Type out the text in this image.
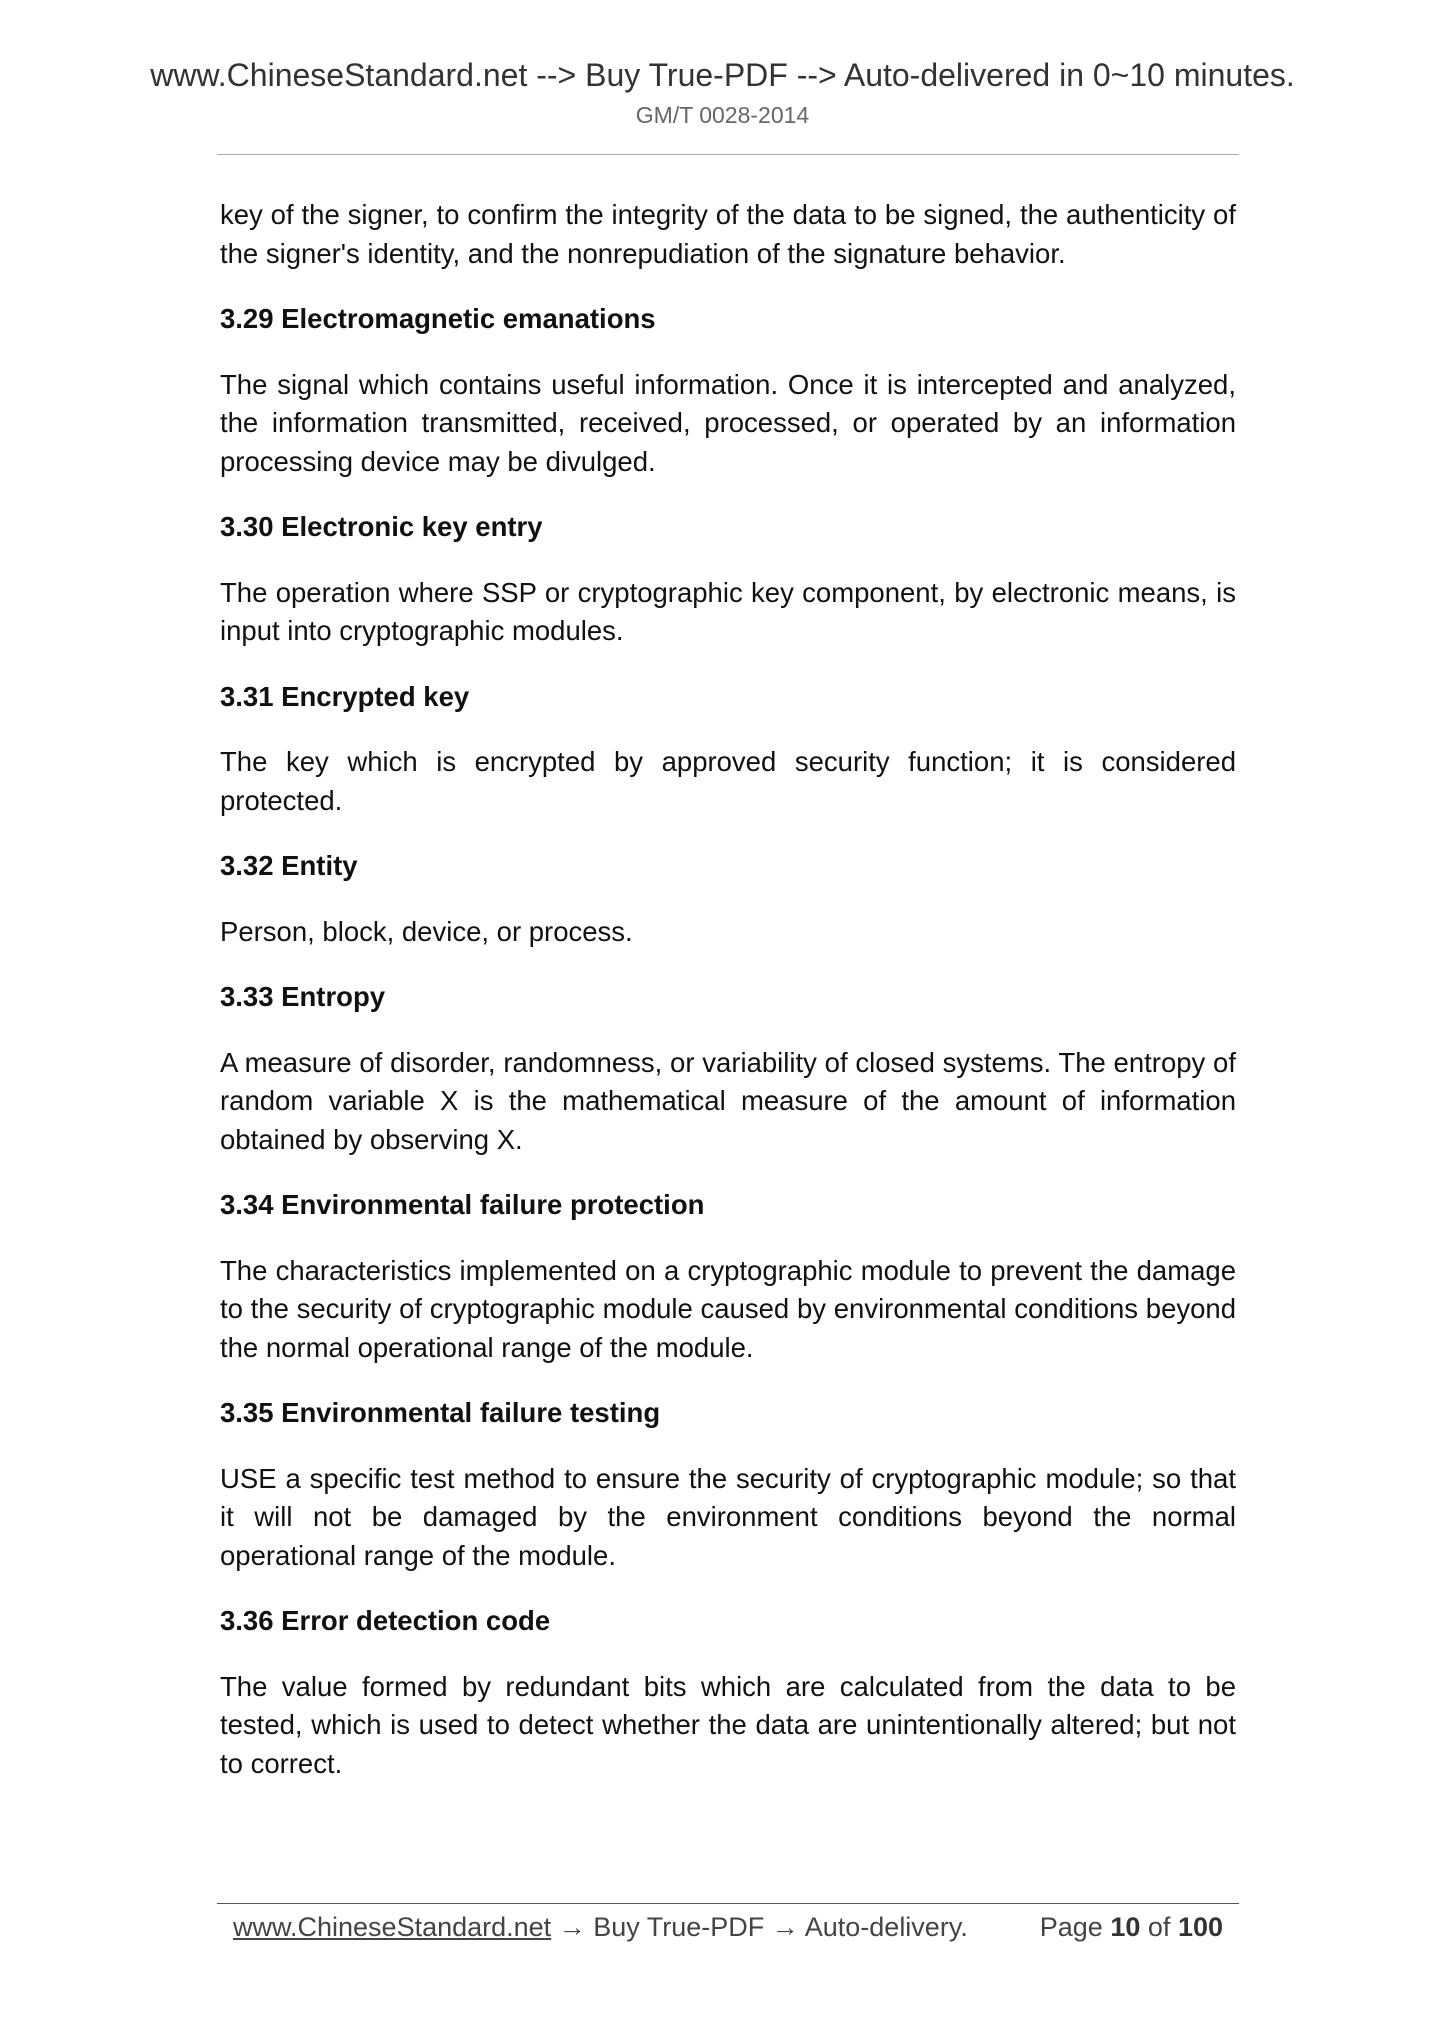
www.ChineseStandard.net --> Buy True-PDF --> Auto-delivered in 0~10 minutes.
GM/T 0028-2014

key of the signer, to confirm the integrity of the data to be signed, the authenticity of the signer's identity, and the nonrepudiation of the signature behavior.

3.29 Electromagnetic emanations

The signal which contains useful information. Once it is intercepted and analyzed, the information transmitted, received, processed, or operated by an information processing device may be divulged.

3.30 Electronic key entry

The operation where SSP or cryptographic key component, by electronic means, is input into cryptographic modules.

3.31 Encrypted key

The key which is encrypted by approved security function; it is considered protected.

3.32 Entity

Person, block, device, or process.

3.33 Entropy

A measure of disorder, randomness, or variability of closed systems. The entropy of random variable X is the mathematical measure of the amount of information obtained by observing X.

3.34 Environmental failure protection

The characteristics implemented on a cryptographic module to prevent the damage to the security of cryptographic module caused by environmental conditions beyond the normal operational range of the module.

3.35 Environmental failure testing

USE a specific test method to ensure the security of cryptographic module; so that it will not be damaged by the environment conditions beyond the normal operational range of the module.

3.36 Error detection code

The value formed by redundant bits which are calculated from the data to be tested, which is used to detect whether the data are unintentionally altered; but not to correct.

www.ChineseStandard.net → Buy True-PDF → Auto-delivery.	Page 10 of 100
